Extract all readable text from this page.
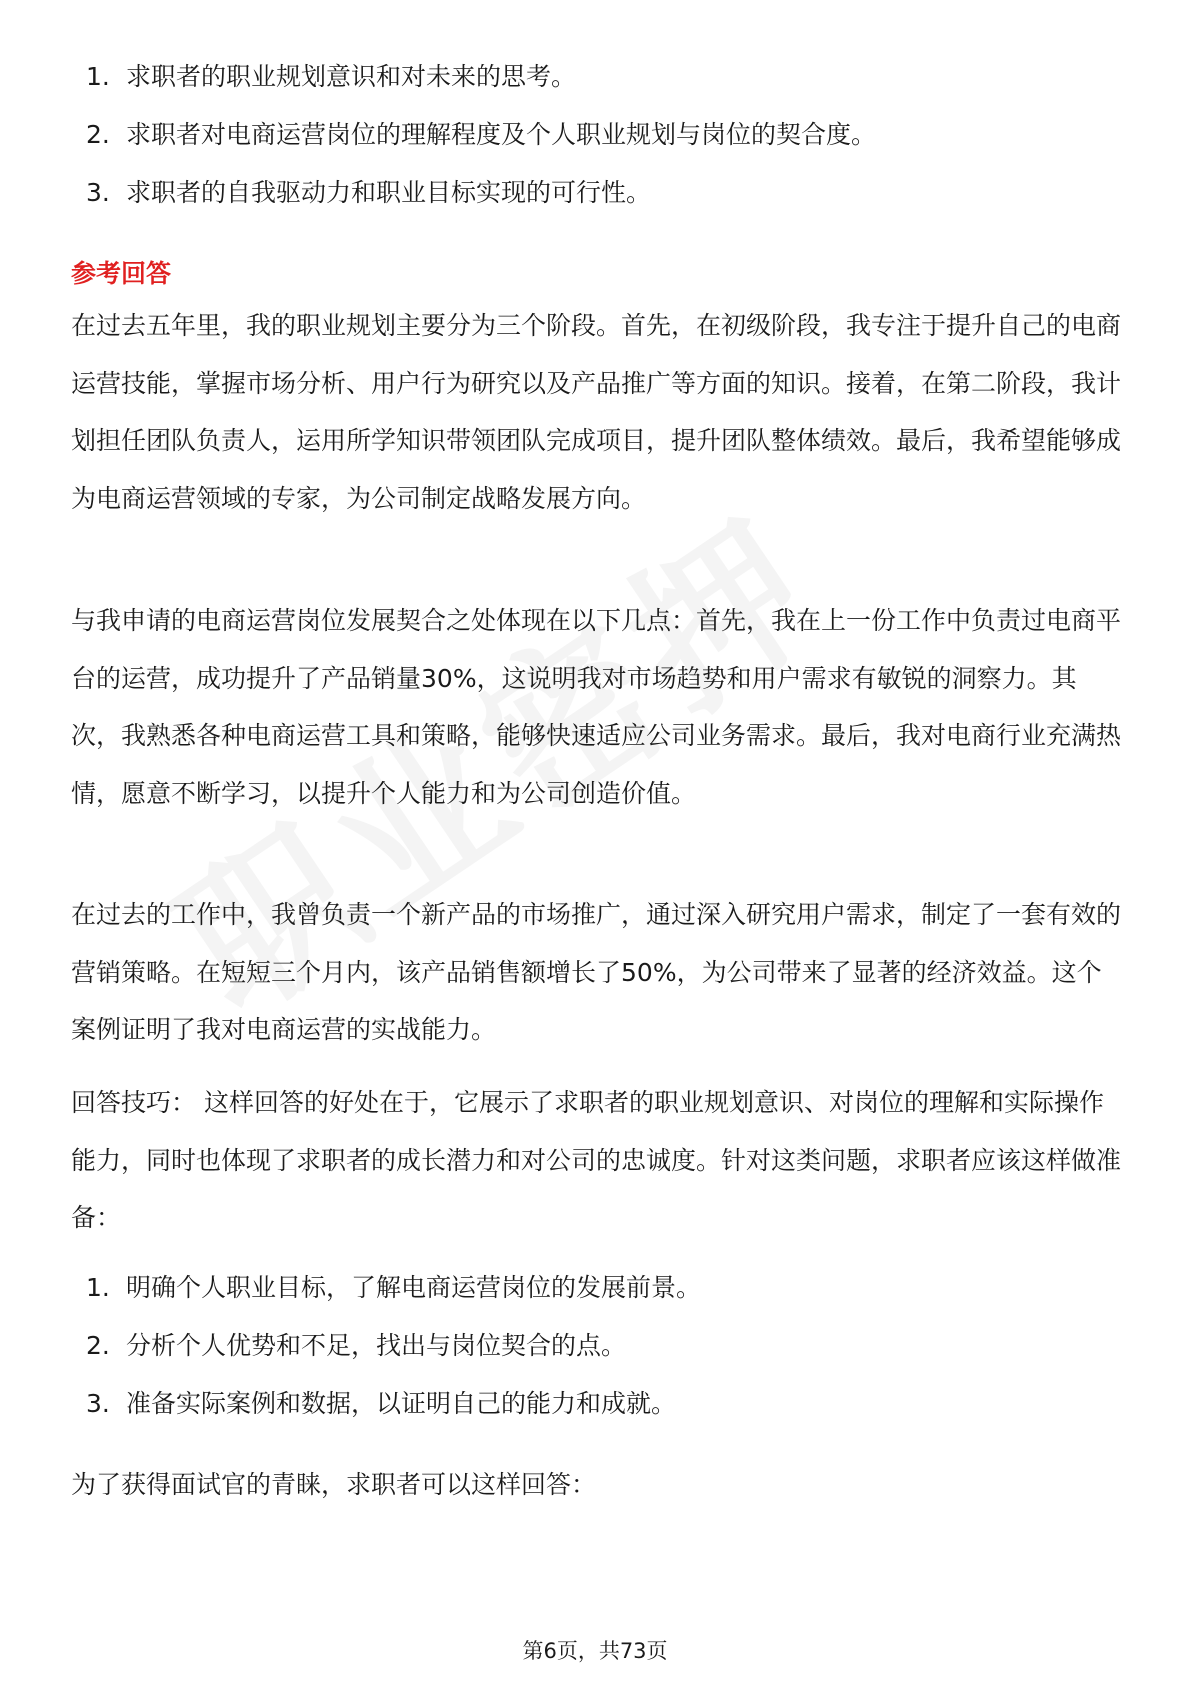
1. 求职者的职业规划意识和对未来的思考。
2. 求职者对电商运营岗位的理解程度及个人职业规划与岗位的契合度。
3. 求职者的自我驱动力和职业目标实现的可行性。
参考回答

在过去五年里，我的职业规划主要分为三个阶段。首先，在初级阶段，我专注于提升自己的电商运营技能，掌握市场分析、用户行为研究以及产品推广等方面的知识。接着，在第二阶段，我计划担任团队负责人，运用所学知识带领团队完成项目，提升团队整体绩效。最后，我希望能够成为电商运营领域的专家，为公司制定战略发展方向。

与我申请的电商运营岗位发展契合之处体现在以下几点：首先，我在上一份工作中负责过电商平台的运营，成功提升了产品销量30%，这说明我对市场趋势和用户需求有敏锐的洞察力。其次，我熟悉各种电商运营工具和策略，能够快速适应公司业务需求。最后，我对电商行业充满热情，愿意不断学习，以提升个人能力和为公司创造价值。

在过去的工作中，我曾负责一个新产品的市场推广，通过深入研究用户需求，制定了一套有效的营销策略。在短短三个月内，该产品销售额增长了50%，为公司带来了显著的经济效益。这个案例证明了我对电商运营的实战能力。

回答技巧： 这样回答的好处在于，它展示了求职者的职业规划意识、对岗位的理解和实际操作能力，同时也体现了求职者的成长潜力和对公司的忠诚度。针对这类问题，求职者应该这样做准备：

1. 明确个人职业目标，了解电商运营岗位的发展前景。
2. 分析个人优势和不足，找出与岗位契合的点。
3. 准备实际案例和数据，以证明自己的能力和成就。

为了获得面试官的青睐，求职者可以这样回答：

第6页，共73页
